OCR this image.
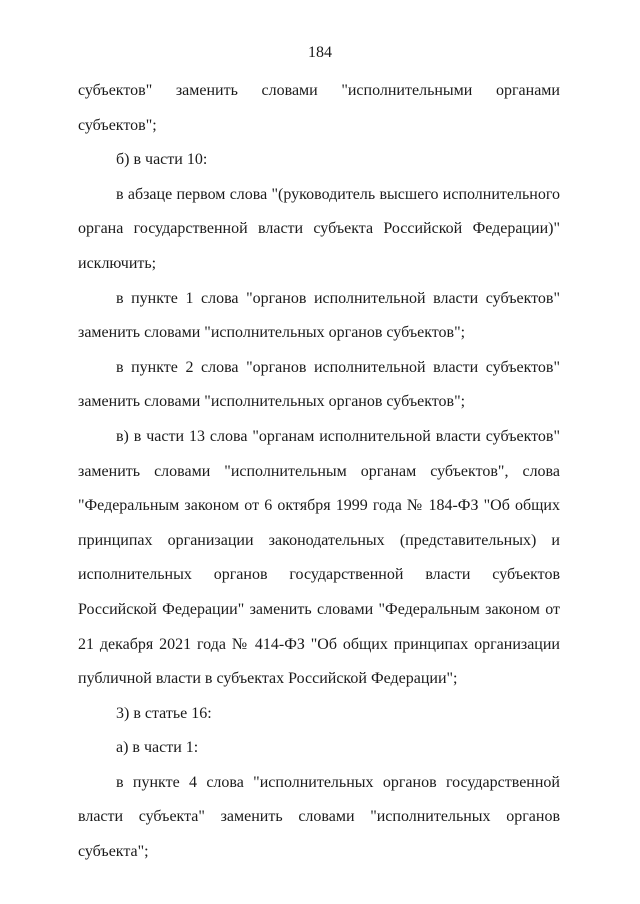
184

субъектов" заменить словами "исполнительными органами субъектов";

б) в части 10:

в абзаце первом слова "(руководитель высшего исполнительного органа государственной власти субъекта Российской Федерации)" исключить;

в пункте 1 слова "органов исполнительной власти субъектов" заменить словами "исполнительных органов субъектов";

в пункте 2 слова "органов исполнительной власти субъектов" заменить словами "исполнительных органов субъектов";

в) в части 13 слова "органам исполнительной власти субъектов" заменить словами "исполнительным органам субъектов", слова "Федеральным законом от 6 октября 1999 года № 184-ФЗ "Об общих принципах организации законодательных (представительных) и исполнительных органов государственной власти субъектов Российской Федерации" заменить словами "Федеральным законом от 21 декабря 2021 года № 414-ФЗ "Об общих принципах организации публичной власти в субъектах Российской Федерации";

3) в статье 16:

а) в части 1:

в пункте 4 слова "исполнительных органов государственной власти субъекта" заменить словами "исполнительных органов субъекта";
